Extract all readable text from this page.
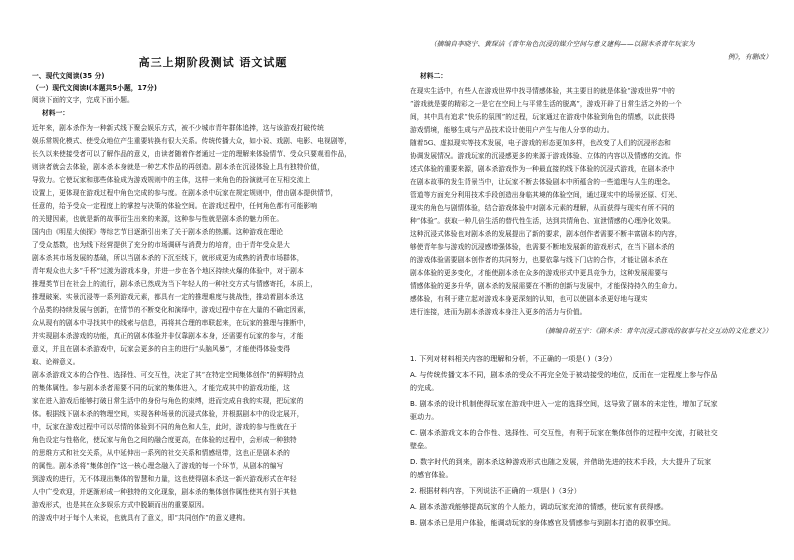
高三上期阶段测试 语文试题
一、现代文阅读(35 分)
（一）现代文阅读Ⅰ(本题共5小题，17分)
阅读下面的文字，完成下面小题。
材料一：
近年来，剧本杀作为一种新式线下聚会娱乐方式，被不少城市青年群体追捧，这与该游戏打破传统
娱乐常规化模式、使受众地位产生重要转换有很大关系。传统传播大众，如小说、戏剧、电影、电视剧等，
长久以来使接受者可以了解作品的意义，由读者随着作者通过一定的理解来体验情节、受众只要观看作品，
则读者就会去体验，剧本杀本身就是一种艺术作品的再创造。剧本杀在沉浸体验上具有独特价值，
导致力。它使玩家和那些体验成为游戏规则中的主体，这样一来角色的扮演就可在互相交流上
设置上，更体现在游戏过程中角色完成的参与度。在剧本杀中玩家在规定规则中，借由剧本提供情节，
任意的，给予受众一定程度上的掌控与决策的体验空间。在游戏过程中，任何角色都有可能影响
的关键因素，也就是新的故事衍生出来的来源，这种参与性就是剧本杀的魅力所在。
国内由《明星大侦探》等综艺节目逐渐引出来了关于剧本杀的热潮。这种游戏在理论
了受众基数，也为线下经营提供了充分的市场调研与消费力的培育，由于青年受众是大
剧本杀其市场发展的基础，所以当剧本杀的下沉至线下，就形成更为成熟的消费市场群体，
青年观众也大多“千杯”过渡为游戏本身，并进一步在各个地区持续火爆的体验中，对于剧本
推理类节目在社会上的流行，剧本杀已然成为当下年轻人的一种社交方式与情感寄托，本质上，
推理破案、实景沉浸等一系列游戏元素，都具有一定的推理难度与挑战性，推动着剧本杀这
个品类的持续发展与创新，在情节的不断变化和演绎中，游戏过程中存在大量的不确定因素，
众从现有的剧本中寻找其中的线索与信息，再将其合理的串联起来，在玩家的推理与推断中，
并实现剧本杀游戏的功能，真正的剧本体验并非仅靠剧本本身，还需要有玩家的参与，才能
意义，并且在剧本杀游戏中，玩家会更多的自主的进行“头脑风暴”，才能使得体验变得
取、论辩意义。
剧本杀游戏文本的合作性、选择性、可交互性，决定了其“在特定空间集体创作”的鲜明特点
的集体属性。参与剧本杀者需要不同的玩家的集体进入，才能完成其中的游戏功能，这
家在进入游戏后能够打破日常生活中的身份与角色的束缚，进而完成自我的实现，把玩家的
体。根据线下剧本杀的物理空间，实现各种场景的沉浸式体验，并根据剧本中的设定展开，
中，玩家在游戏过程中可以尽情的体验到不同的角色和人生，此时，游戏的参与性就在于
角色设定与性格化，使玩家与角色之间的融合度更高，在体验的过程中，会形成一种独特
的思维方式和社交关系，从中延伸出一系列的社交关系和情感纽带，这也正是剧本杀的
的属性。剧本杀将“集体创作”这一核心理念融入了游戏的每一个环节，从剧本的编写
到游戏的进行，无不体现出集体的智慧和力量，这也使得剧本杀这一新兴游戏形式在年轻
人中广受欢迎，并逐渐形成一种独特的文化现象，剧本杀的集体创作属性使其有别于其他
游戏形式，也是其在众多娱乐方式中脱颖而出的重要原因。
的游戏中对于每个人来说，也就具有了意义，即“共同创作”的意义建构。
（摘编自李晓宇、黄琛洁《青年角色沉浸的媒介空间与意义建构——以剧本杀青年玩家为
例》，有删改）
材料二：
在现实生活中，有些人在游戏世界中找寻情感体验，其主要目的就是体验“游戏世界”中的
“游戏就是要的精彩之一是它在空间上与平常生活的脱离”，游戏开辟了日常生活之外的一个
间，其中具有追求“快乐的氛围”的过程，玩家通过在游戏中体验到角色的情感，以此获得
游戏情境，能够生成与产品技术设计使用户产生与他人分享的动力。
随着5G、虚拟现实等技术发展，电子游戏的形态更加多样，也改变了人们的沉浸形态和
协调发展情况。游戏玩家的沉浸感更多的来源于游戏体验、立体的内容以及情感的交流。作
述式体验的重要来源，剧本杀游戏作为一种最直接的线下体验的沉浸式游戏，在剧本杀中
在剧本故事的发生背景当中，让玩家不断去体验剧本中所蕴含的一些道理与人生的理念。
管道等方面充分利用技术手段创造出身临其境的体验空间，通过现实中的场景还原、灯光、
现实的角色与剧情体验，结合游戏体验中对剧本元素的理解，从而获得与现实有所不同的
种“体验”。获取一种几倍生活的替代性生活，达到共情角色、宣泄情感的心理净化效果。
这种沉浸式体验也对剧本杀的发展提出了新的要求，剧本创作者需要不断丰富剧本的内容，
够使青年参与游戏的沉浸感增强体验，也需要不断地发展新的游戏形式，在当下剧本杀的
的游戏体验需要剧本创作者的共同努力，也要依靠与线下门店的合作，才能让剧本杀在
剧本体验的更多变化，才能使剧本杀在众多的游戏形式中更具竞争力，这种发展需要与
情感体验的更多升华，剧本杀的发展需要在不断的创新与发展中，才能保持持久的生命力。
感体验，有利于建立起对游戏本身更深刻的认知，也可以使剧本杀更好地与现实
进行连接，进而为剧本杀游戏本身注入更多的活力与价值。
（摘编自胡玉宇：《剧本杀：青年沉浸式游戏的叙事与社交互动的文化意义》）
1. 下列对材料相关内容的理解和分析，不正确的一项是( )（3分）
A. 与传统传播文本不同，剧本杀的受众不再完全处于被动接受的地位，反而在一定程度上参与作品
的完成。
B. 剧本杀的设计机制使得玩家在游戏中进入一定的选择空间，这导致了剧本的未定性，增加了玩家
驱动力。
C. 剧本杀游戏文本的合作性、选择性、可交互性，有利于玩家在集体创作的过程中交流，打破社交
壁垒。
D. 数字时代的到来，剧本杀这种游戏形式也随之发展，并借助先进的技术手段，大大提升了玩家
的感官体验。
2. 根据材料内容，下列说法不正确的一项是( )（3分）
A. 剧本杀游戏能够提高玩家的个人能力，调动玩家充沛的情感，使玩家有获得感。
B. 剧本杀已是用户体验，能调动玩家的身体感官及情感参与到剧本打造的叙事空间。
